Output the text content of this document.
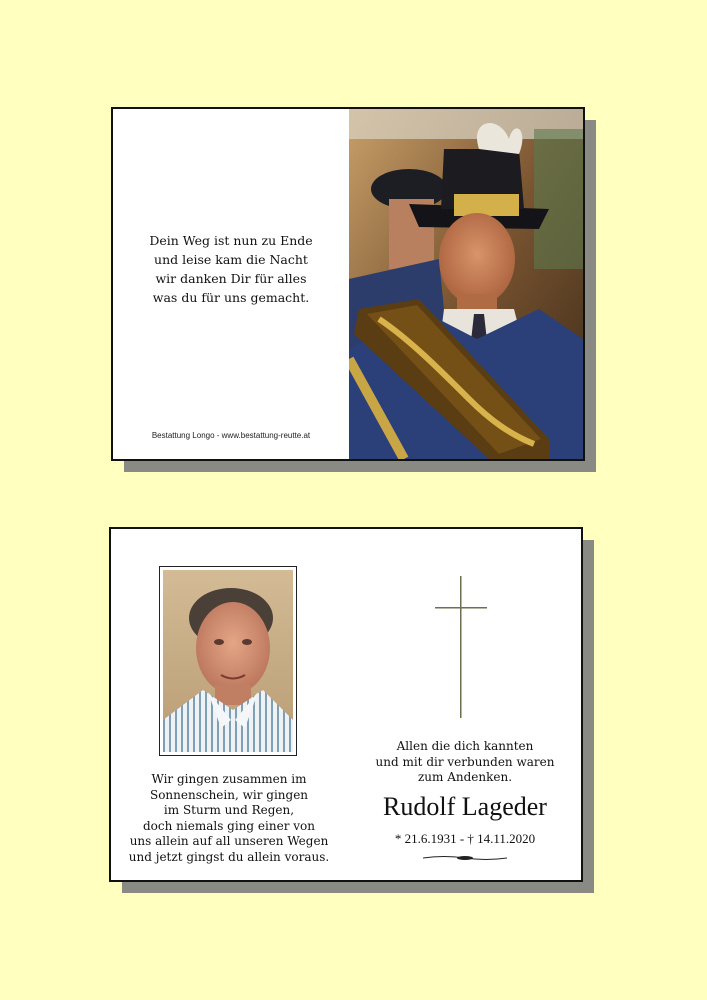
Dein Weg ist nun zu Ende
und leise kam die Nacht
wir danken Dir für alles
was du für uns gemacht.
Bestattung Longo - www.bestattung-reutte.at
Wir gingen zusammen im
Sonnenschein, wir gingen
im Sturm und Regen,
doch niemals ging einer von
uns allein auf all unseren Wegen
und jetzt gingst du allein voraus.
Allen die dich kannten
und mit dir verbunden waren
zum Andenken.
Rudolf Lageder
* 21.6.1931 - † 14.11.2020
